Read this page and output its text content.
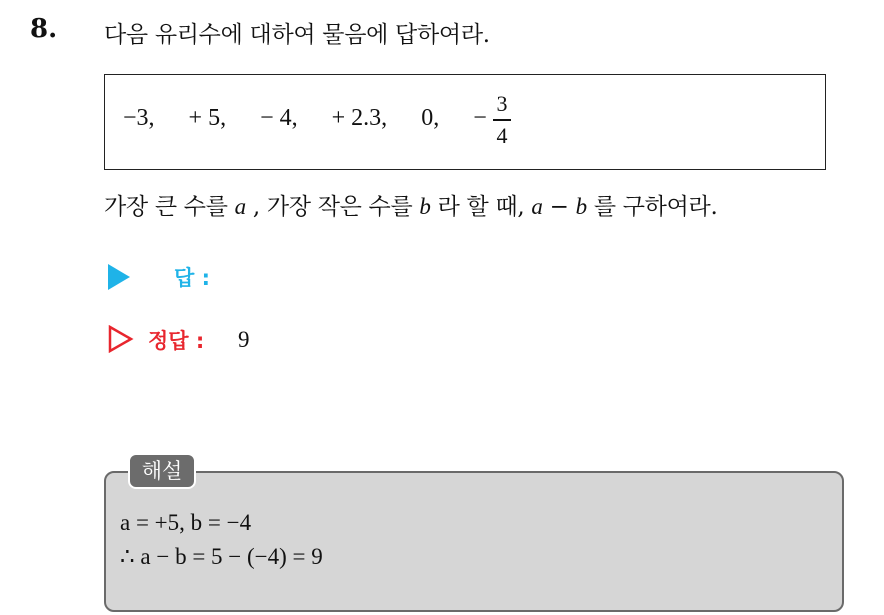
8. 다음 유리수에 대하여 물음에 답하여라.
−3, + 5, − 4, + 2.3, 0, −
3
4
가장 큰 수를 a , 가장 작은 수를 b 라 할 때, a − b 를 구하여라.
답 :
정답 : 9
해설
a = +5, b = −4
∴ a − b = 5 − (−4) = 9
